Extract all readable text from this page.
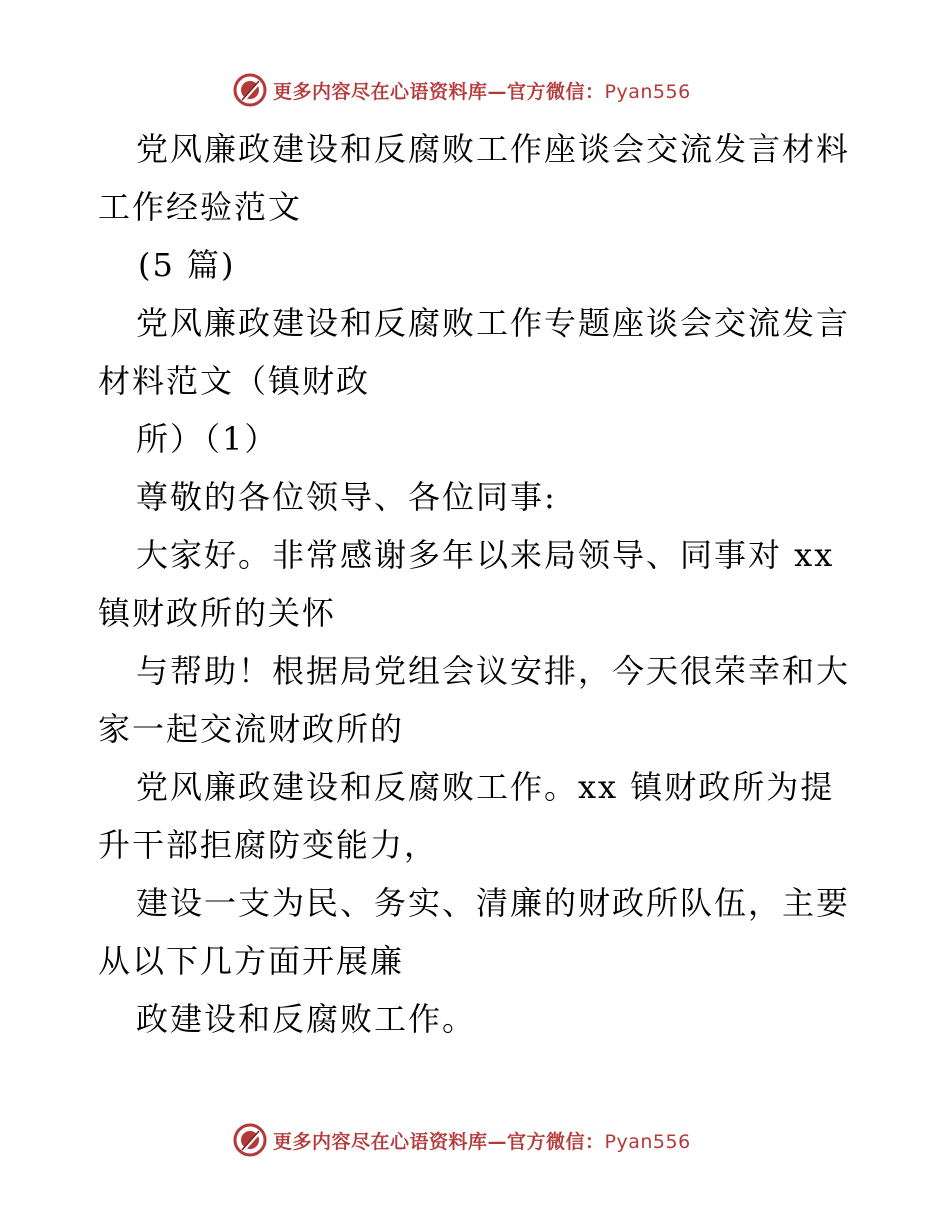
更多内容尽在心语资料库—官方微信：Pyan556
党风廉政建设和反腐败工作座谈会交流发言材料
工作经验范文
(5 篇)
党风廉政建设和反腐败工作专题座谈会交流发言
材料范文（镇财政
所）（1）
尊敬的各位领导、各位同事:
大家好。非常感谢多年以来局领导、同事对 xx
镇财政所的关怀
与帮助！根据局党组会议安排，今天很荣幸和大
家一起交流财政所的
党风廉政建设和反腐败工作。xx 镇财政所为提
升干部拒腐防变能力，
建设一支为民、务实、清廉的财政所队伍，主要
从以下几方面开展廉
政建设和反腐败工作。
更多内容尽在心语资料库—官方微信：Pyan556
